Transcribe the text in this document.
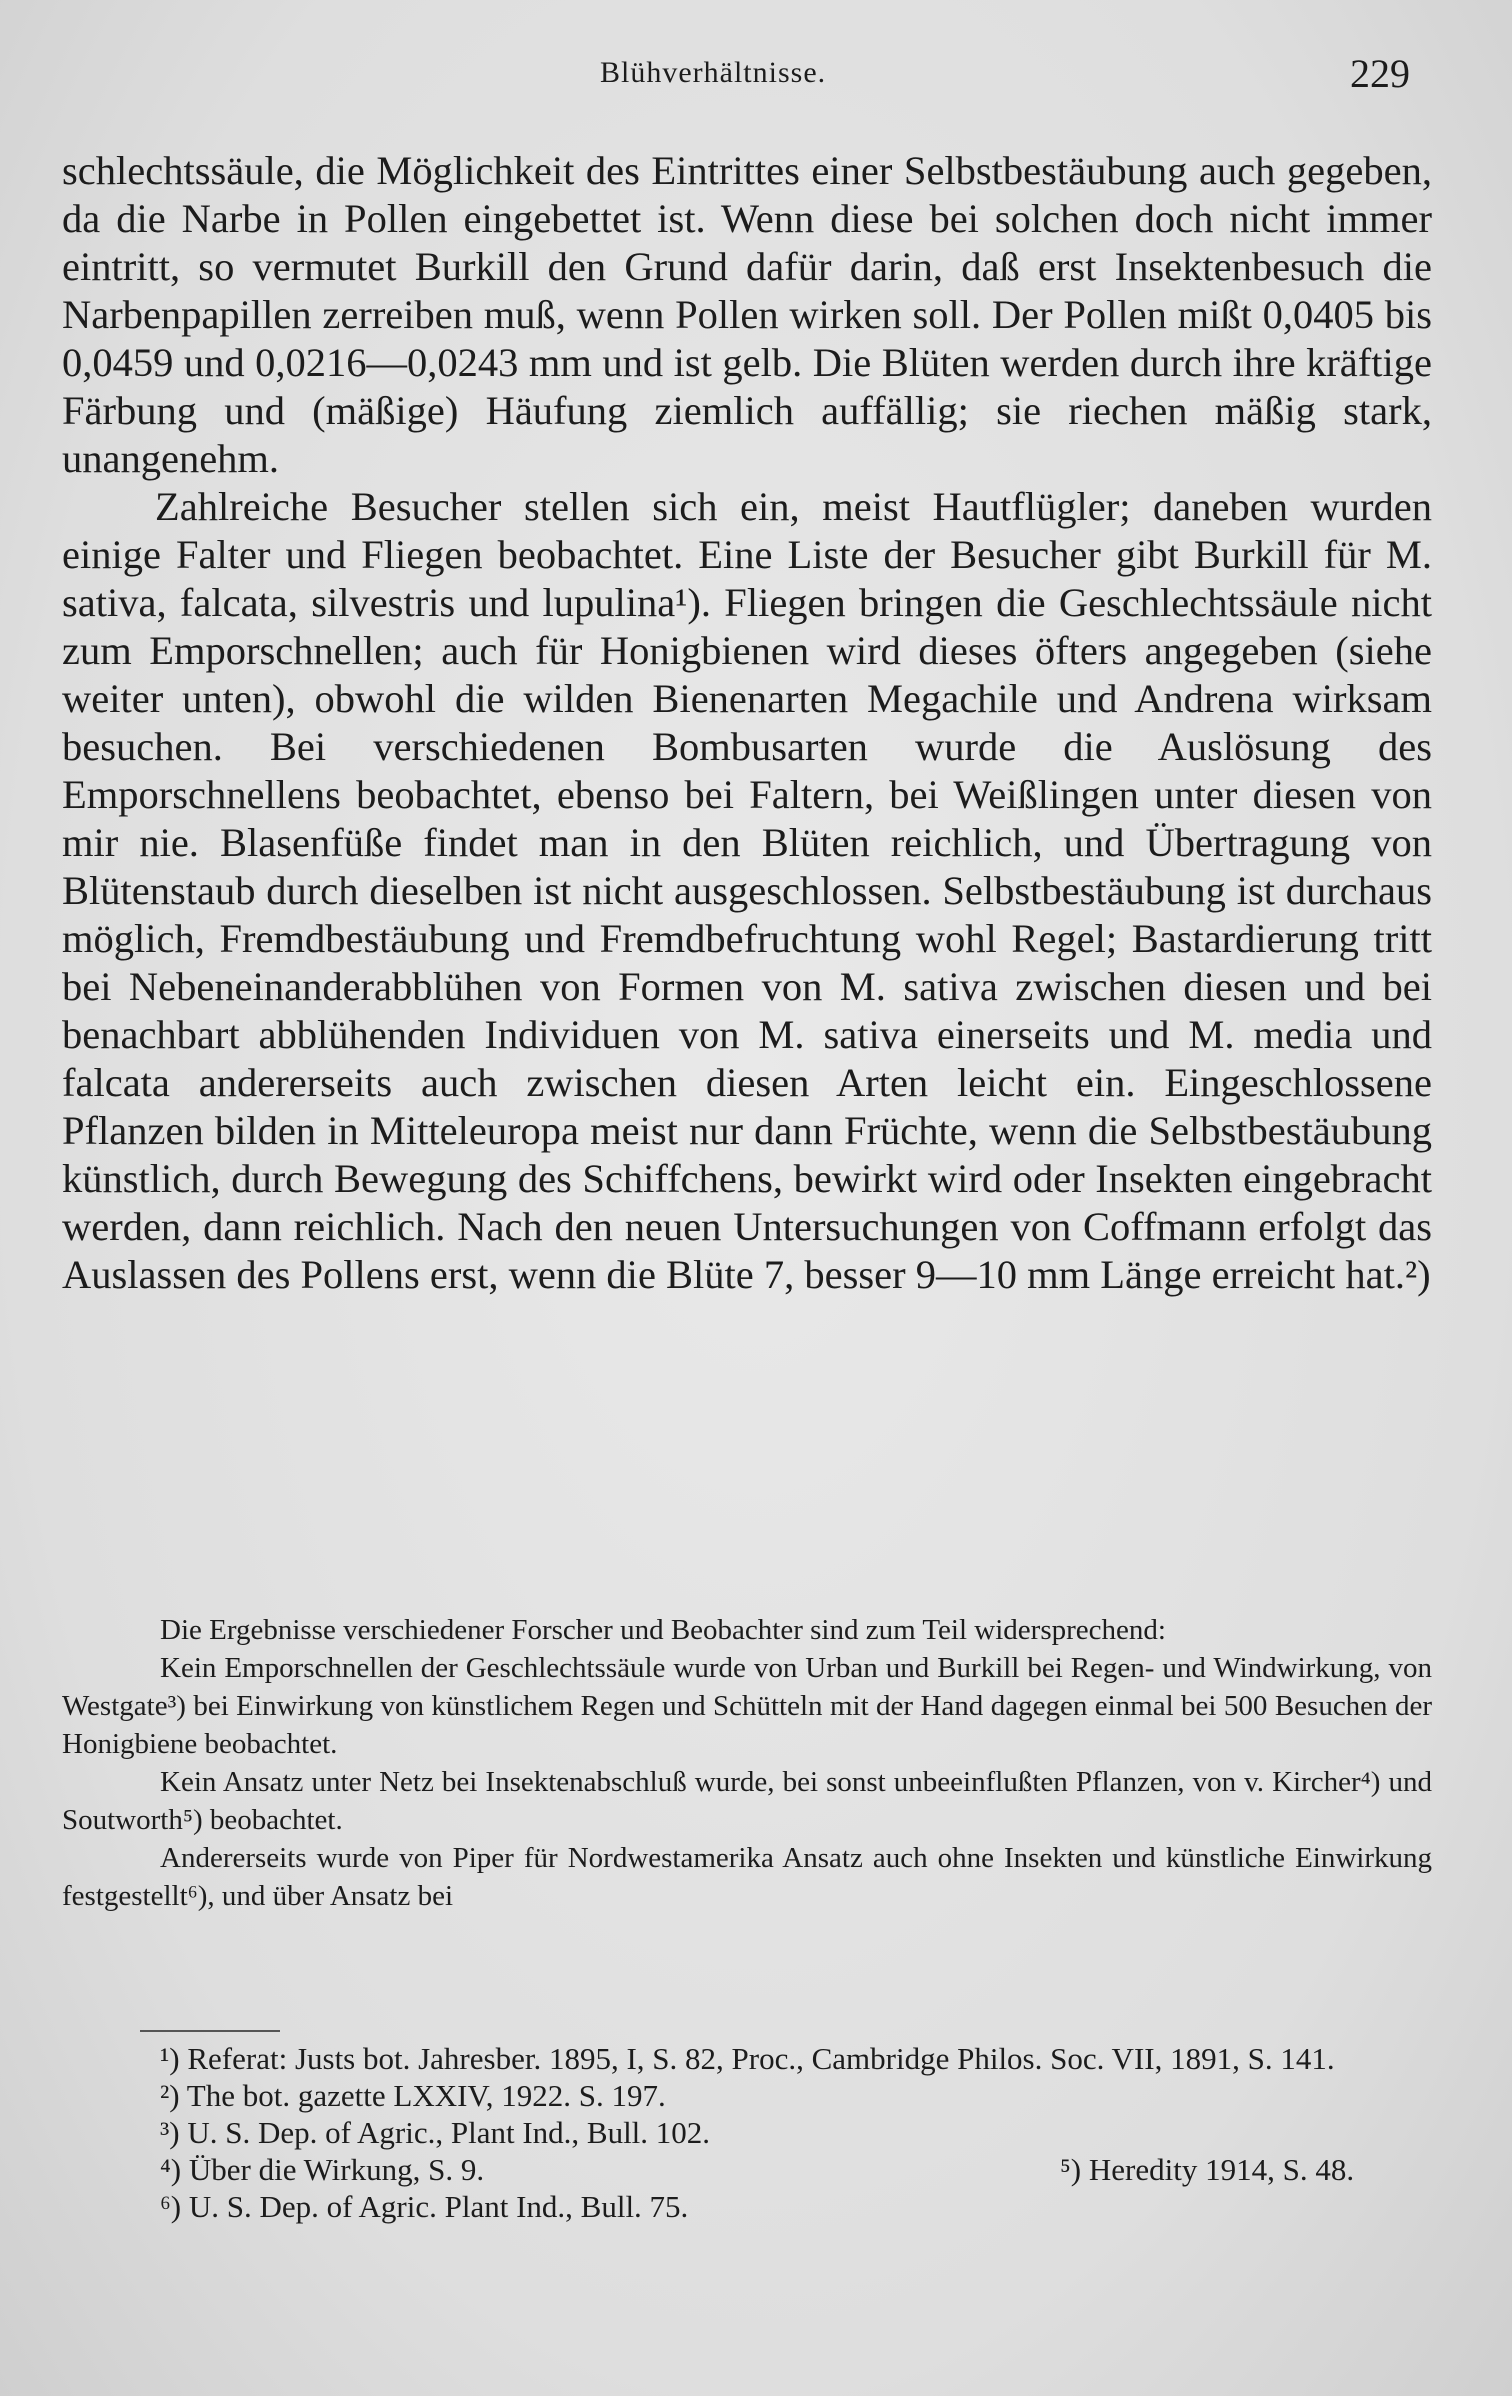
Blühverhältnisse.	229

schlechtssäule, die Möglichkeit des Eintrittes einer Selbstbestäubung auch gegeben, da die Narbe in Pollen eingebettet ist. Wenn diese bei solchen doch nicht immer eintritt, so vermutet Burkill den Grund dafür darin, daß erst Insektenbesuch die Narbenpapillen zerreiben muß, wenn Pollen wirken soll. Der Pollen mißt 0,0405 bis 0,0459 und 0,0216—0,0243 mm und ist gelb. Die Blüten werden durch ihre kräftige Färbung und (mäßige) Häufung ziemlich auffällig; sie riechen mäßig stark, unangenehm.

Zahlreiche Besucher stellen sich ein, meist Hautflügler; daneben wurden einige Falter und Fliegen beobachtet. Eine Liste der Besucher gibt Burkill für M. sativa, falcata, silvestris und lupulina¹). Fliegen bringen die Geschlechtssäule nicht zum Emporschnellen; auch für Honigbienen wird dieses öfters angegeben (siehe weiter unten), obwohl die wilden Bienenarten Megachile und Andrena wirksam besuchen. Bei verschiedenen Bombusarten wurde die Auslösung des Emporschnellens beobachtet, ebenso bei Faltern, bei Weißlingen unter diesen von mir nie. Blasenfüße findet man in den Blüten reichlich, und Übertragung von Blütenstaub durch dieselben ist nicht ausgeschlossen. Selbstbestäubung ist durchaus möglich, Fremdbestäubung und Fremdbefruchtung wohl Regel; Bastardierung tritt bei Nebeneinanderabblühen von Formen von M. sativa zwischen diesen und bei benachbart abblühenden Individuen von M. sativa einerseits und M. media und falcata andererseits auch zwischen diesen Arten leicht ein. Eingeschlossene Pflanzen bilden in Mitteleuropa meist nur dann Früchte, wenn die Selbstbestäubung künstlich, durch Bewegung des Schiffchens, bewirkt wird oder Insekten eingebracht werden, dann reichlich. Nach den neuen Untersuchungen von Coffmann erfolgt das Auslassen des Pollens erst, wenn die Blüte 7, besser 9—10 mm Länge erreicht hat.²)

Die Ergebnisse verschiedener Forscher und Beobachter sind zum Teil widersprechend:

Kein Emporschnellen der Geschlechtssäule wurde von Urban und Burkill bei Regen- und Windwirkung, von Westgate³) bei Einwirkung von künstlichem Regen und Schütteln mit der Hand dagegen einmal bei 500 Besuchen der Honigbiene beobachtet.

Kein Ansatz unter Netz bei Insektenabschluß wurde, bei sonst unbeeinflußten Pflanzen, von v. Kircher⁴) und Soutworth⁵) beobachtet.

Andererseits wurde von Piper für Nordwestamerika Ansatz auch ohne Insekten und künstliche Einwirkung festgestellt⁶), und über Ansatz bei

¹) Referat: Justs bot. Jahresber. 1895, I, S. 82, Proc., Cambridge Philos. Soc. VII, 1891, S. 141.

²) The bot. gazette LXXIV, 1922. S. 197.

³) U. S. Dep. of Agric., Plant Ind., Bull. 102.

⁴) Über die Wirkung, S. 9.	⁵) Heredity 1914, S. 48.

⁶) U. S. Dep. of Agric. Plant Ind., Bull. 75.
